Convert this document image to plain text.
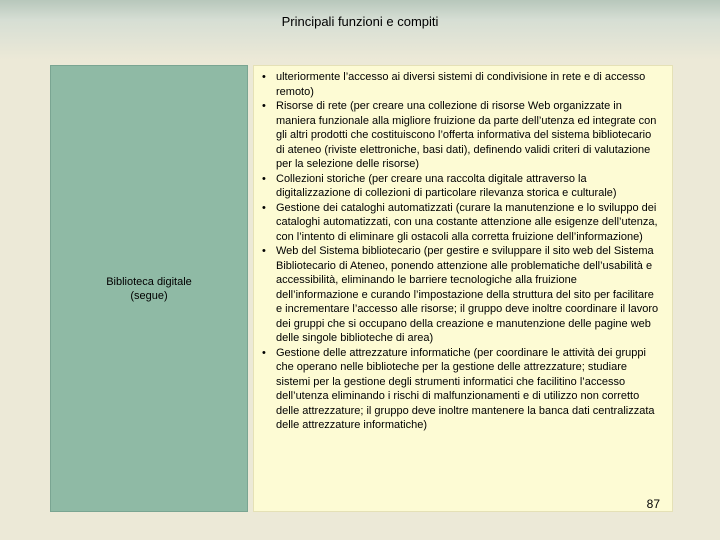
Principali funzioni e compiti
Biblioteca digitale
(segue)
• ulteriormente l’accesso ai diversi sistemi di condivisione in rete e di accesso remoto)
• Risorse di rete (per creare una collezione di risorse Web organizzate in maniera funzionale alla migliore fruizione da parte dell’utenza ed integrate con gli altri prodotti che costituiscono l’offerta informativa del sistema bibliotecario di ateneo (riviste elettroniche, basi dati), definendo validi criteri di valutazione per la selezione delle risorse)
• Collezioni storiche (per creare una raccolta digitale attraverso la digitalizzazione di collezioni di particolare rilevanza storica e culturale)
• Gestione dei cataloghi automatizzati (curare la manutenzione e lo sviluppo dei cataloghi automatizzati, con una costante attenzione alle esigenze dell’utenza, con l’intento di eliminare gli ostacoli alla corretta fruizione dell’informazione)
• Web del Sistema bibliotecario (per gestire e sviluppare il sito web del Sistema Bibliotecario di Ateneo, ponendo attenzione alle problematiche dell’usabilità e accessibilità, eliminando le barriere tecnologiche alla fruizione dell’informazione e curando l’impostazione della struttura del sito per facilitare e incrementare l’accesso alle risorse; il gruppo deve inoltre coordinare il lavoro dei gruppi che si occupano della creazione e manutenzione delle pagine web delle singole biblioteche di area)
• Gestione delle attrezzature informatiche (per coordinare le attività dei gruppi che operano nelle biblioteche per la gestione delle attrezzature; studiare sistemi per la gestione degli strumenti informatici che facilitino l’accesso dell’utenza eliminando i rischi di malfunzionamenti e di utilizzo non corretto delle attrezzature; il gruppo deve inoltre mantenere la banca dati centralizzata delle attrezzature informatiche)
87
